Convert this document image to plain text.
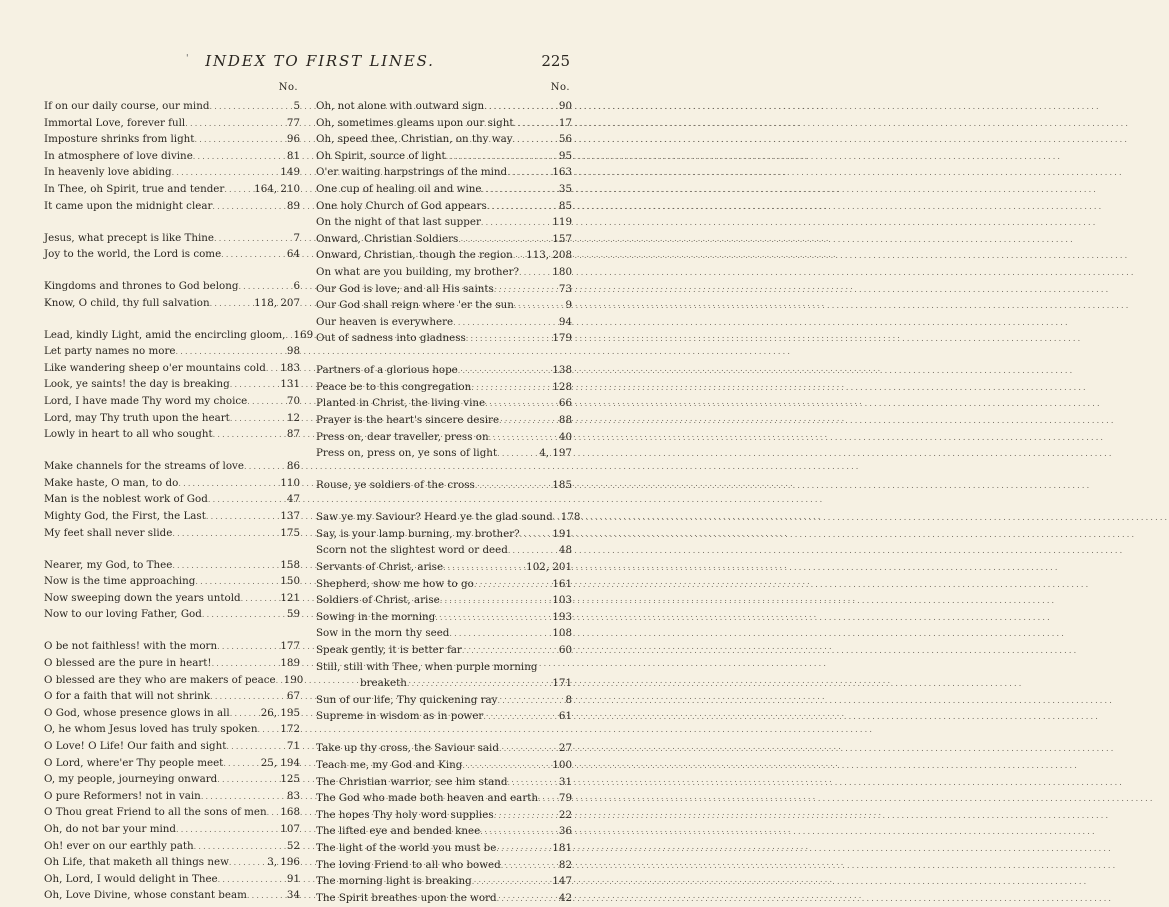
'	INDEX TO FIRST LINES.	225
No.
If on our daily course, our mind .....	5
Immortal Love, forever full .....	77
Imposture shrinks from light .....	96
In atmosphere of love divine .....	81
In heavenly love abiding .....	149
In Thee, oh Spirit, true and tender .....	164, 210
It came upon the midnight clear .....	89
Jesus, what precept is like Thine .....	7
Joy to the world, the Lord is come .....	64
Kingdoms and thrones to God belong .....	6
Know, O child, thy full salvation .....	118, 207
Lead, kindly Light, amid the encircling gloom, ..... 169
Let party names no more .....	98
Like wandering sheep o'er mountains cold ..... 183
Look, ye saints! the day is breaking .....	131
Lord, I have made Thy word my choice .....	70
Lord, may Thy truth upon the heart .....	12
Lowly in heart to all who sought .....	87
Make channels for the streams of love .....	86
Make haste, O man, to do .....	110
Man is the noblest work of God .....	47
Mighty God, the First, the Last .....	137
My feet shall never slide .....	175
Nearer, my God, to Thee .....	158
Now is the time approaching .....	150
Now sweeping down the years untold .....	121
Now to our loving Father, God .....	59
O be not faithless! with the morn .....	177
O blessed are the pure in heart! .....	189
O blessed are they who are makers of peace ..... 190
O for a faith that will not shrink .....	67
O God, whose presence glows in all .....	26, 195
O, he whom Jesus loved has truly spoken ..... 172
O Love! O Life! Our faith and sight .....	71
O Lord, where'er Thy people meet .....	25, 194
O, my people, journeying onward .....	125
O pure Reformers! not in vain .....	83
O Thou great Friend to all the sons of men ..... 168
Oh, do not bar your mind .....	107
Oh! ever on our earthly path .....	52
Oh Life, that maketh all things new .....	3, 196
Oh, Lord, I would delight in Thee .....	91
Oh, Love Divine, whose constant beam .....	34
No.
Oh, not alone with outward sign .....	90
Oh, sometimes gleams upon our sight .....	17
Oh, speed thee, Christian, on thy way .....	56
Oh Spirit, source of light .....	95
O'er waiting harpstrings of the mind .....	163
One cup of healing oil and wine .....	35
One holy Church of God appears .....	85
On the night of that last supper .....	119
Onward, Christian Soldiers .....	157
Onward, Christian, though the region ..... 113, 208
On what are you building, my brother? .....	180
Our God is love; and all His saints .....	73
Our God shall reign where 'er the sun .....	9
Our heaven is everywhere .....	94
Out of sadness into gladness .....	179
Partners of a glorious hope .....	138
Peace be to this congregation .....	128
Planted in Christ, the living vine .....	66
Prayer is the heart's sincere desire .....	88
Press on, dear traveller, press on .....	40
Press on, press on, ye sons of light .....	4, 197
Rouse, ye soldiers of the cross .....	185
Saw ye my Saviour? Heard ye the glad sound ..... 178
Say, is your lamp burning, my brother? .....	191
Scorn not the slightest word or deed .....	48
Servants of Christ, arise .....	102, 201
Shepherd, show me how to go .....	161
Soldiers of Christ, arise .....	103
Sowing in the morning .....	193
Sow in the morn thy seed .....	108
Speak gently, it is better far .....	60
Still, still with Thee, when purple morning
breaketh .....	171
Sun of our life, Thy quickening ray .....	8
Supreme in wisdom as in power .....	61
Take up thy cross, the Saviour said .....	27
Teach me, my God and King .....	100
The Christian warrior, see him stand .....	31
The God who made both heaven and earth ..... 79
The hopes Thy holy word supplies .....	22
The lifted eye and bended knee .....	36
The light of the world you must be .....	181
The loving Friend to all who bowed .....	82
The morning light is breaking .....	147
The Spirit breathes upon the word .....	42
